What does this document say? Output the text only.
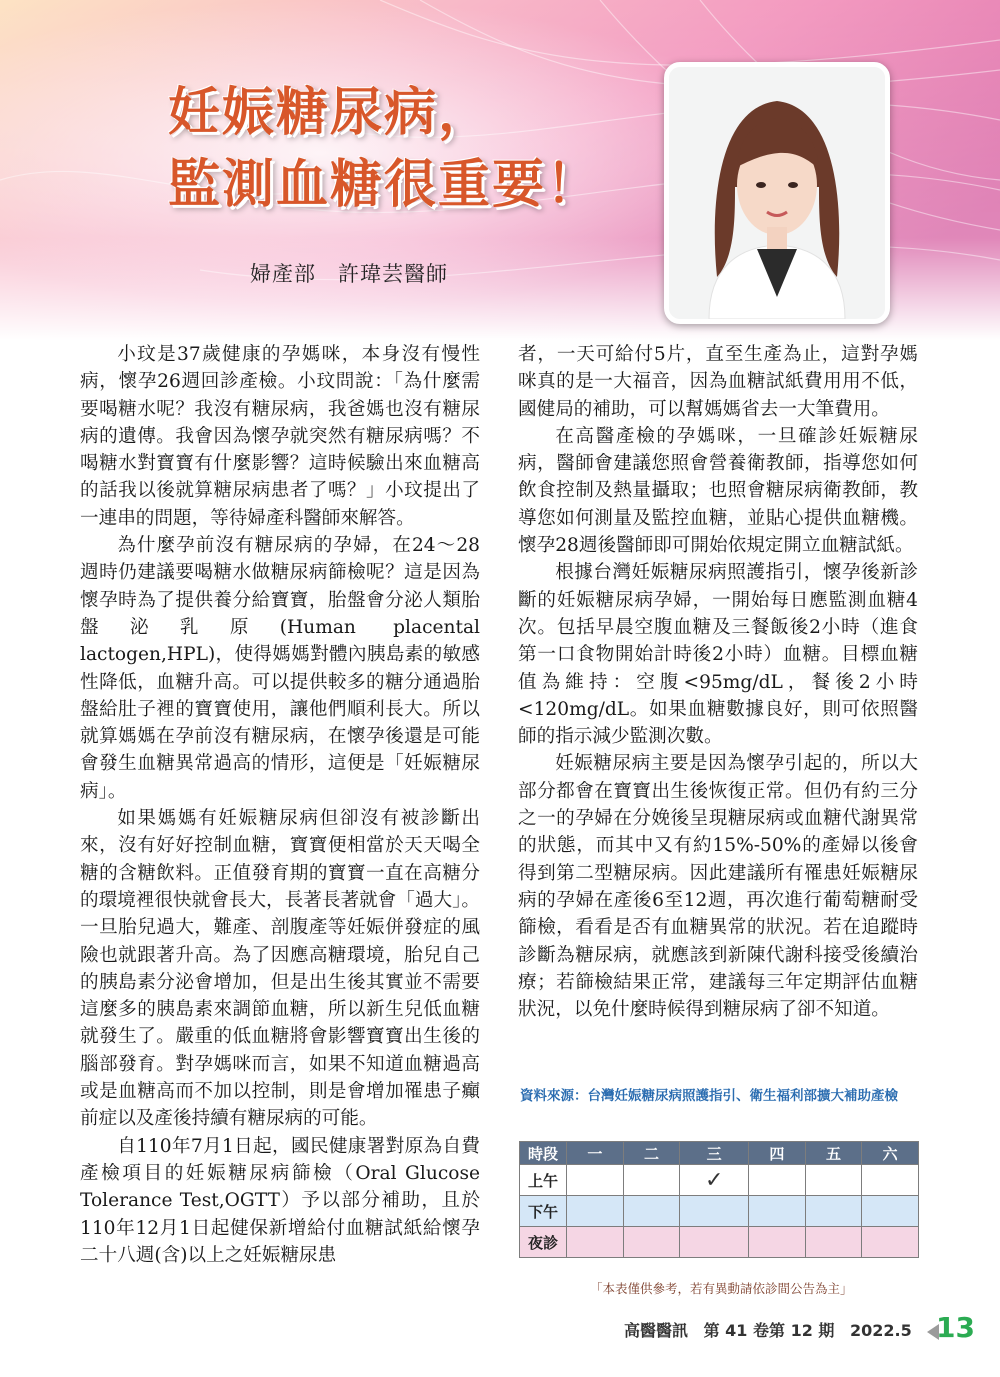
妊娠糖尿病，
監測血糖很重要！
婦產部　許瑋芸醫師

小玟是37歲健康的孕媽咪，本身沒有慢性病，懷孕26週回診產檢。小玟問說：「為什麼需要喝糖水呢？我沒有糖尿病，我爸媽也沒有糖尿病的遺傳。我會因為懷孕就突然有糖尿病嗎？不喝糖水對寶寶有什麼影響？這時候驗出來血糖高的話我以後就算糖尿病患者了嗎？」小玟提出了一連串的問題，等待婦產科醫師來解答。

為什麼孕前沒有糖尿病的孕婦，在24～28週時仍建議要喝糖水做糖尿病篩檢呢？這是因為懷孕時為了提供養分給寶寶，胎盤會分泌人類胎盤泌乳原(Human placental lactogen,HPL)，使得媽媽對體內胰島素的敏感性降低，血糖升高。可以提供較多的糖分通過胎盤給肚子裡的寶寶使用，讓他們順利長大。所以就算媽媽在孕前沒有糖尿病，在懷孕後還是可能會發生血糖異常過高的情形，這便是「妊娠糖尿病」。

如果媽媽有妊娠糖尿病但卻沒有被診斷出來，沒有好好控制血糖，寶寶便相當於天天喝全糖的含糖飲料。正值發育期的寶寶一直在高糖分的環境裡很快就會長大，長著長著就會「過大」。一旦胎兒過大，難產、剖腹產等妊娠併發症的風險也就跟著升高。為了因應高糖環境，胎兒自己的胰島素分泌會增加，但是出生後其實並不需要這麼多的胰島素來調節血糖，所以新生兒低血糖就發生了。嚴重的低血糖將會影響寶寶出生後的腦部發育。對孕媽咪而言，如果不知道血糖過高或是血糖高而不加以控制，則是會增加罹患子癲前症以及產後持續有糖尿病的可能。

自110年7月1日起，國民健康署對原為自費產檢項目的妊娠糖尿病篩檢（Oral Glucose Tolerance Test,OGTT）予以部分補助，且於110年12月1日起健保新增給付血糖試紙給懷孕二十八週(含)以上之妊娠糖尿患

者，一天可給付5片，直至生產為止，這對孕媽咪真的是一大福音，因為血糖試紙費用用不低，國健局的補助，可以幫媽媽省去一大筆費用。

在高醫產檢的孕媽咪，一旦確診妊娠糖尿病，醫師會建議您照會營養衛教師，指導您如何飲食控制及熱量攝取；也照會糖尿病衛教師，教導您如何測量及監控血糖，並貼心提供血糖機。懷孕28週後醫師即可開始依規定開立血糖試紙。

根據台灣妊娠糖尿病照護指引，懷孕後新診斷的妊娠糖尿病孕婦，一開始每日應監測血糖4次。包括早晨空腹血糖及三餐飯後2小時（進食第一口食物開始計時後2小時）血糖。目標血糖值為維持：空腹<95mg/dL，餐後2小時<120mg/dL。如果血糖數據良好，則可依照醫師的指示減少監測次數。

妊娠糖尿病主要是因為懷孕引起的，所以大部分都會在寶寶出生後恢復正常。但仍有約三分之一的孕婦在分娩後呈現糖尿病或血糖代謝異常的狀態，而其中又有約15%-50%的產婦以後會得到第二型糖尿病。因此建議所有罹患妊娠糖尿病的孕婦在產後6至12週，再次進行葡萄糖耐受篩檢，看看是否有血糖異常的狀況。若在追蹤時診斷為糖尿病，就應該到新陳代謝科接受後續治療；若篩檢結果正常，建議每三年定期評估血糖狀況，以免什麼時候得到糖尿病了卻不知道。

資料來源：台灣妊娠糖尿病照護指引、衛生福利部擴大補助產檢
時段	一	二	三	四	五	六
上午			✓			
下午						
夜診						
「本表僅供參考，若有異動請依診間公告為主」
高醫醫訊 第 41 卷第 12 期 2022.5 13
